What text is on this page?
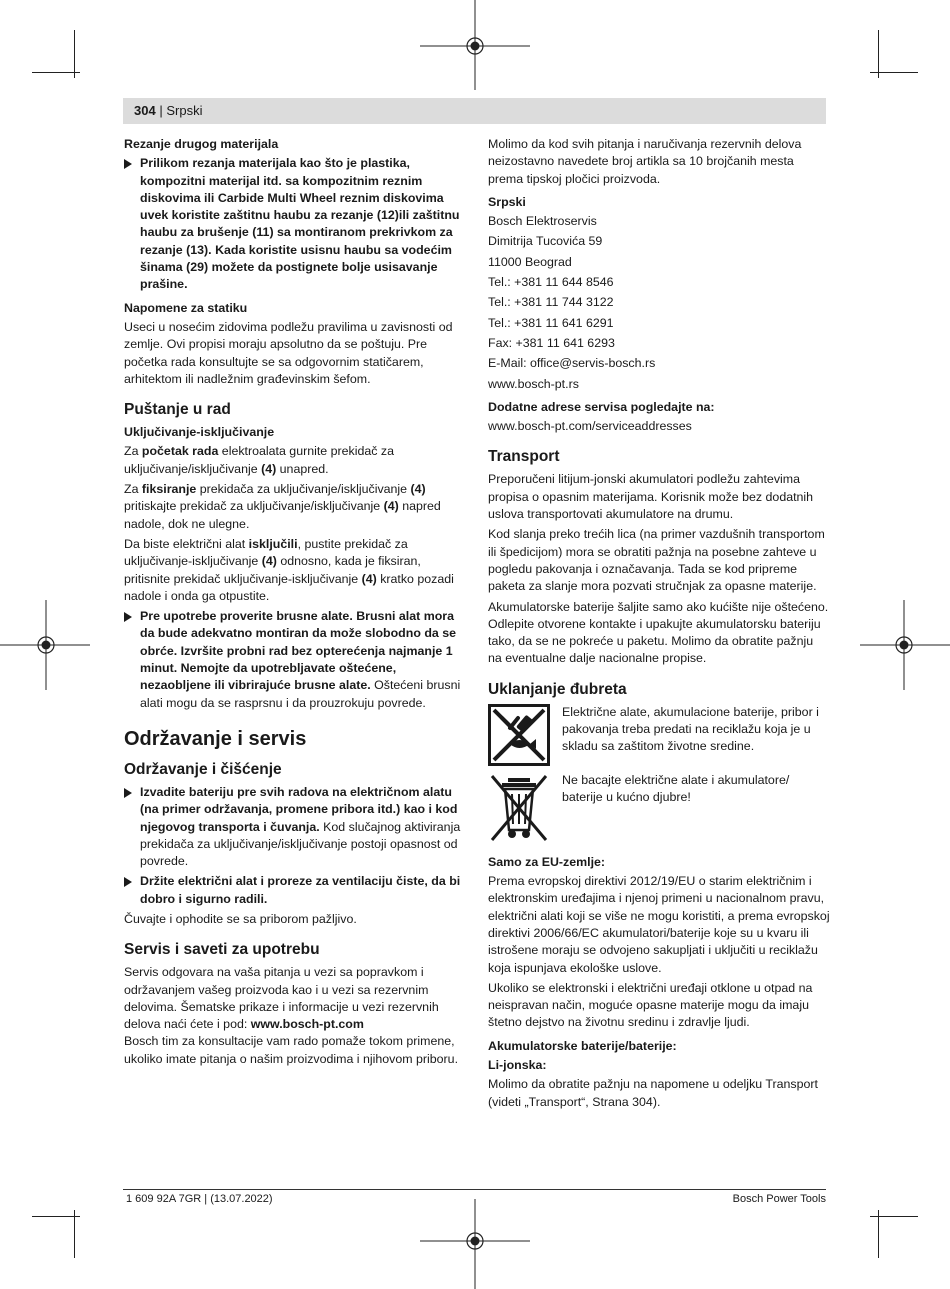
304 | Srpski
Rezanje drugog materijala
Prilikom rezanja materijala kao što je plastika, kompozitni materijal itd. sa kompozitnim reznim diskovima ili Carbide Multi Wheel reznim diskovima uvek koristite zaštitnu haubu za rezanje (12)ili zaštitnu haubu za brušenje (11) sa montiranom prekrivkom za rezanje (13). Kada koristite usisnu haubu sa vodećim šinama (29) možete da postignete bolje usisavanje prašine.
Napomene za statiku

Useci u nosećim zidovima podležu pravilima u zavisnosti od zemlje. Ovi propisi moraju apsolutno da se poštuju. Pre početka rada konsultujte se sa odgovornim statičarem, arhitektom ili nadležnim građevinskim šefom.

Puštanje u rad
Uključivanje-isključivanje

Za početak rada elektroalata gurnite prekidač za uključivanje/isključivanje (4) unapred.

Za fiksiranje prekidača za uključivanje/isključivanje (4) pritiskajte prekidač za uključivanje/isključivanje (4) napred nadole, dok ne ulegne.

Da biste električni alat isključili, pustite prekidač za uključivanje-isključivanje (4) odnosno, kada je fiksiran, pritisnite prekidač uključivanje-isključivanje (4) kratko pozadi nadole i onda ga otpustite.

Pre upotrebe proverite brusne alate. Brusni alat mora da bude adekvatno montiran da može slobodno da se obrće. Izvršite probni rad bez opterećenja najmanje 1 minut. Nemojte da upotrebljavate oštećene, nezaobljene ili vibrirajuće brusne alate. Oštećeni brusni alati mogu da se rasprsnu i da prouzrokuju povrede.
Održavanje i servis
Održavanje i čišćenje
Izvadite bateriju pre svih radova na električnom alatu (na primer održavanja, promene pribora itd.) kao i kod njegovog transporta i čuvanja. Kod slučajnog aktiviranja prekidača za uključivanje/isključivanje postoji opasnost od povrede.
Držite električni alat i proreze za ventilaciju čiste, da bi dobro i sigurno radili.

Čuvajte i ophodite se sa priborom pažljivo.

Servis i saveti za upotrebu

Servis odgovara na vaša pitanja u vezi sa popravkom i održavanjem vašeg proizvoda kao i u vezi sa rezervnim delovima. Šematske prikaze i informacije u vezi rezervnih delova naći ćete i pod: www.bosch-pt.com

Bosch tim za konsultacije vam rado pomaže tokom primene, ukoliko imate pitanja o našim proizvodima i njihovom priboru.

Molimo da kod svih pitanja i naručivanja rezervnih delova neizostavno navedete broj artikla sa 10 brojčanih mesta prema tipskoj pločici proizvoda.

Srpski

Bosch Elektroservis

Dimitrija Tucovića 59

11000 Beograd

Tel.: +381 11 644 8546

Tel.: +381 11 744 3122

Tel.: +381 11 641 6291

Fax: +381 11 641 6293

E-Mail: office@servis-bosch.rs

www.bosch-pt.rs

Dodatne adrese servisa pogledajte na:

www.bosch-pt.com/serviceaddresses

Transport

Preporučeni litijum-jonski akumulatori podležu zahtevima propisa o opasnim materijama. Korisnik može bez dodatnih uslova transportovati akumulatore na drumu.

Kod slanja preko trećih lica (na primer vazdušnih transportom ili špedicijom) mora se obratiti pažnja na posebne zahteve u pogledu pakovanja i označavanja. Tada se kod pripreme paketa za slanje mora pozvati stručnjak za opasne materije.

Akumulatorske baterije šaljite samo ako kućište nije oštećeno. Odlepite otvorene kontakte i upakujte akumulatorsku bateriju tako, da se ne pokreće u paketu. Molimo da obratite pažnju na eventualne dalje nacionalne propise.

Uklanjanje đubreta
Električne alate, akumulacione baterije, pribor i pakovanja treba predati na reciklažu koja je u skladu sa zaštitom životne sredine.
Ne bacajte električne alate i akumulatore/ baterije u kućno djubre!
Samo za EU-zemlje:

Prema evropskoj direktivi 2012/19/EU o starim električnim i elektronskim uređajima i njenoj primeni u nacionalnom pravu, električni alati koji se više ne mogu koristiti, a prema evropskoj direktivi 2006/66/EC akumulatori/baterije koje su u kvaru ili istrošene moraju se odvojeno sakupljati i uključiti u reciklažu koja ispunjava ekološke uslove.

Ukoliko se elektronski i električni uređaji otklone u otpad na neispravan način, moguće opasne materije mogu da imaju štetno dejstvo na životnu sredinu i zdravlje ljudi.

Akumulatorske baterije/baterije:
Li-jonska:

Molimo da obratite pažnju na napomene u odeljku Transport (videti „Transport“, Strana 304).

1 609 92A 7GR | (13.07.2022)	Bosch Power Tools
